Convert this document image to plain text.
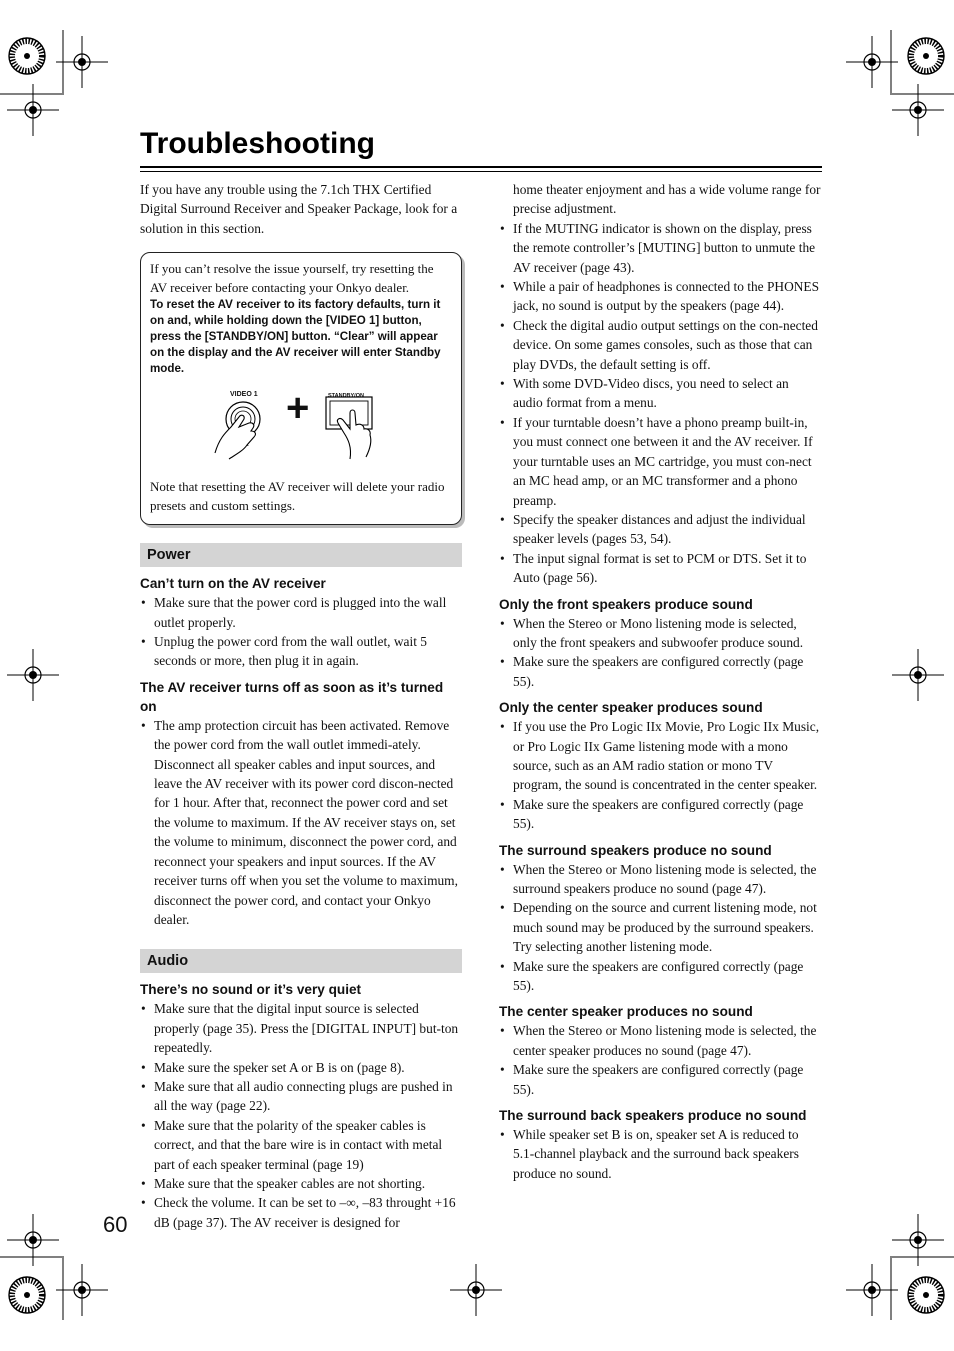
Troubleshooting

If you have any trouble using the 7.1ch THX Certified Digital Surround Receiver and Speaker Package, look for a solution in this section.

If you can’t resolve the issue yourself, try resetting the AV receiver before contacting your Onkyo dealer.

To reset the AV receiver to its factory defaults, turn it on and, while holding down the [VIDEO 1] button, press the [STANDBY/ON] button. “Clear” will appear on the display and the AV receiver will enter Standby mode.

VIDEO 1	STANDBY/ON
+

Note that resetting the AV receiver will delete your radio presets and custom settings.

Power
Can’t turn on the AV receiver
• Make sure that the power cord is plugged into the wall outlet properly.
• Unplug the power cord from the wall outlet, wait 5 seconds or more, then plug it in again.
The AV receiver turns off as soon as it’s turned on
• The amp protection circuit has been activated. Remove the power cord from the wall outlet immedi-ately. Disconnect all speaker cables and input sources, and leave the AV receiver with its power cord discon-nected for 1 hour. After that, reconnect the power cord and set the volume to maximum. If the AV receiver stays on, set the volume to minimum, disconnect the power cord, and reconnect your speakers and input sources. If the AV receiver turns off when you set the volume to maximum, disconnect the power cord, and contact your Onkyo dealer.
Audio
There’s no sound or it’s very quiet
• Make sure that the digital input source is selected properly (page 35). Press the [DIGITAL INPUT] but-ton repeatedly.
• Make sure the speker set A or B is on (page 8).
• Make sure that all audio connecting plugs are pushed in all the way (page 22).
• Make sure that the polarity of the speaker cables is correct, and that the bare wire is in contact with metal part of each speaker terminal (page 19)
• Make sure that the speaker cables are not shorting.
• Check the volume. It can be set to –∞, –83 throught +16 dB (page 37). The AV receiver is designed for

home theater enjoyment and has a wide volume range for precise adjustment.

• If the MUTING indicator is shown on the display, press the remote controller’s [MUTING] button to unmute the AV receiver (page 43).
• While a pair of headphones is connected to the PHONES jack, no sound is output by the speakers (page 44).
• Check the digital audio output settings on the con-nected device. On some games consoles, such as those that can play DVDs, the default setting is off.
• With some DVD-Video discs, you need to select an audio format from a menu.
• If your turntable doesn’t have a phono preamp built-in, you must connect one between it and the AV receiver. If your turntable uses an MC cartridge, you must con-nect an MC head amp, or an MC transformer and a phono preamp.
• Specify the speaker distances and adjust the individual speaker levels (pages 53, 54).
• The input signal format is set to PCM or DTS. Set it to Auto (page 56).
Only the front speakers produce sound
• When the Stereo or Mono listening mode is selected, only the front speakers and subwoofer produce sound.
• Make sure the speakers are configured correctly (page 55).
Only the center speaker produces sound
• If you use the Pro Logic IIx Movie, Pro Logic IIx Music, or Pro Logic IIx Game listening mode with a mono source, such as an AM radio station or mono TV program, the sound is concentrated in the center speaker.
• Make sure the speakers are configured correctly (page 55).
The surround speakers produce no sound
• When the Stereo or Mono listening mode is selected, the surround speakers produce no sound (page 47).
• Depending on the source and current listening mode, not much sound may be produced by the surround speakers. Try selecting another listening mode.
• Make sure the speakers are configured correctly (page 55).
The center speaker produces no sound
• When the Stereo or Mono listening mode is selected, the center speaker produces no sound (page 47).
• Make sure the speakers are configured correctly (page 55).
The surround back speakers produce no sound
• While speaker set B is on, speaker set A is reduced to 5.1-channel playback and the surround back speakers produce no sound.
60
